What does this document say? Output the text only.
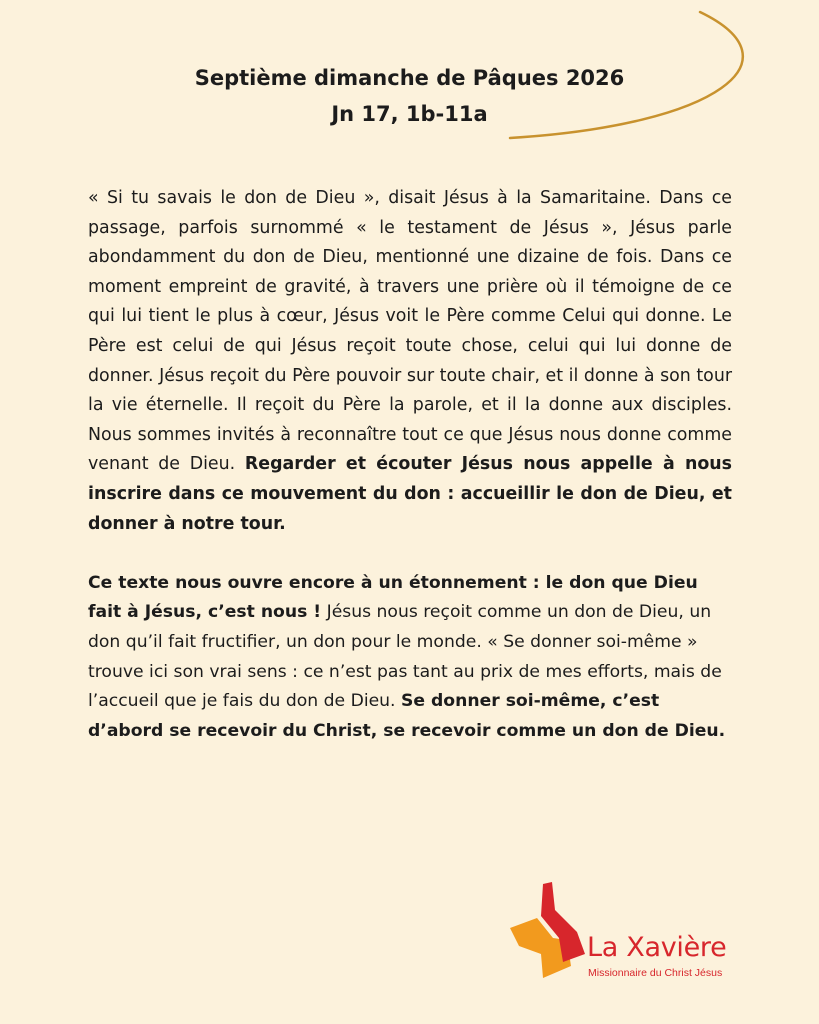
Septième dimanche de Pâques 2026
Jn 17, 1b-11a

« Si tu savais le don de Dieu », disait Jésus à la Samaritaine. Dans ce passage, parfois surnommé « le testament de Jésus », Jésus parle abondamment du don de Dieu, mentionné une dizaine de fois. Dans ce moment empreint de gravité, à travers une prière où il témoigne de ce qui lui tient le plus à cœur, Jésus voit le Père comme Celui qui donne. Le Père est celui de qui Jésus reçoit toute chose, celui qui lui donne de donner. Jésus reçoit du Père pouvoir sur toute chair, et il donne à son tour la vie éternelle. Il reçoit du Père la parole, et il la donne aux disciples. Nous sommes invités à reconnaître tout ce que Jésus nous donne comme venant de Dieu. Regarder et écouter Jésus nous appelle à nous inscrire dans ce mouvement du don : accueillir le don de Dieu, et donner à notre tour.

Ce texte nous ouvre encore à un étonnement : le don que Dieu fait à Jésus, c’est nous ! Jésus nous reçoit comme un don de Dieu, un don qu’il fait fructifier, un don pour le monde. « Se donner soi-même » trouve ici son vrai sens : ce n’est pas tant au prix de mes efforts, mais de l’accueil que je fais du don de Dieu. Se donner soi-même, c’est d’abord se recevoir du Christ, se recevoir comme un don de Dieu.

La Xavière
Missionnaire du Christ Jésus
